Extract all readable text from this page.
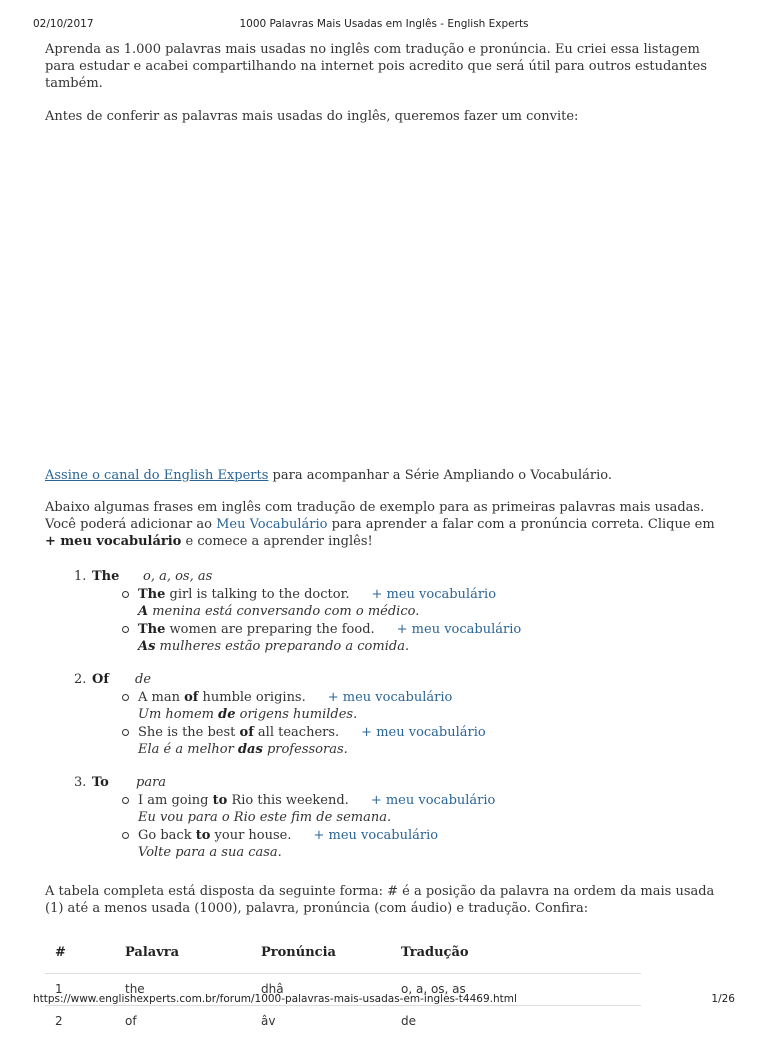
02/10/2017	1000 Palavras Mais Usadas em Inglês - English Experts

Aprenda as 1.000 palavras mais usadas no inglês com tradução e pronúncia. Eu criei essa listagem para estudar e acabei compartilhando na internet pois acredito que será útil para outros estudantes também.

Antes de conferir as palavras mais usadas do inglês, queremos fazer um convite:

Assine o canal do English Experts para acompanhar a Série Ampliando o Vocabulário.

Abaixo algumas frases em inglês com tradução de exemplo para as primeiras palavras mais usadas. Você poderá adicionar ao Meu Vocabulário para aprender a falar com a pronúncia correta. Clique em + meu vocabulário e comece a aprender inglês!

1. The o, a, os, as
The girl is talking to the doctor. + meu vocabulário
A menina está conversando com o médico.
The women are preparing the food. + meu vocabulário
As mulheres estão preparando a comida.
2. Of de
A man of humble origins. + meu vocabulário
Um homem de origens humildes.
She is the best of all teachers. + meu vocabulário
Ela é a melhor das professoras.
3. To para
I am going to Rio this weekend. + meu vocabulário
Eu vou para o Rio este fim de semana.
Go back to your house. + meu vocabulário
Volte para a sua casa.

A tabela completa está disposta da seguinte forma: # é a posição da palavra na ordem da mais usada (1) até a menos usada (1000), palavra, pronúncia (com áudio) e tradução. Confira:

#	Palavra	Pronúncia	Tradução
1	the	dhâ	o, a, os, as
2	of	âv	de
https://www.englishexperts.com.br/forum/1000-palavras-mais-usadas-em-ingles-t4469.html	1/26
